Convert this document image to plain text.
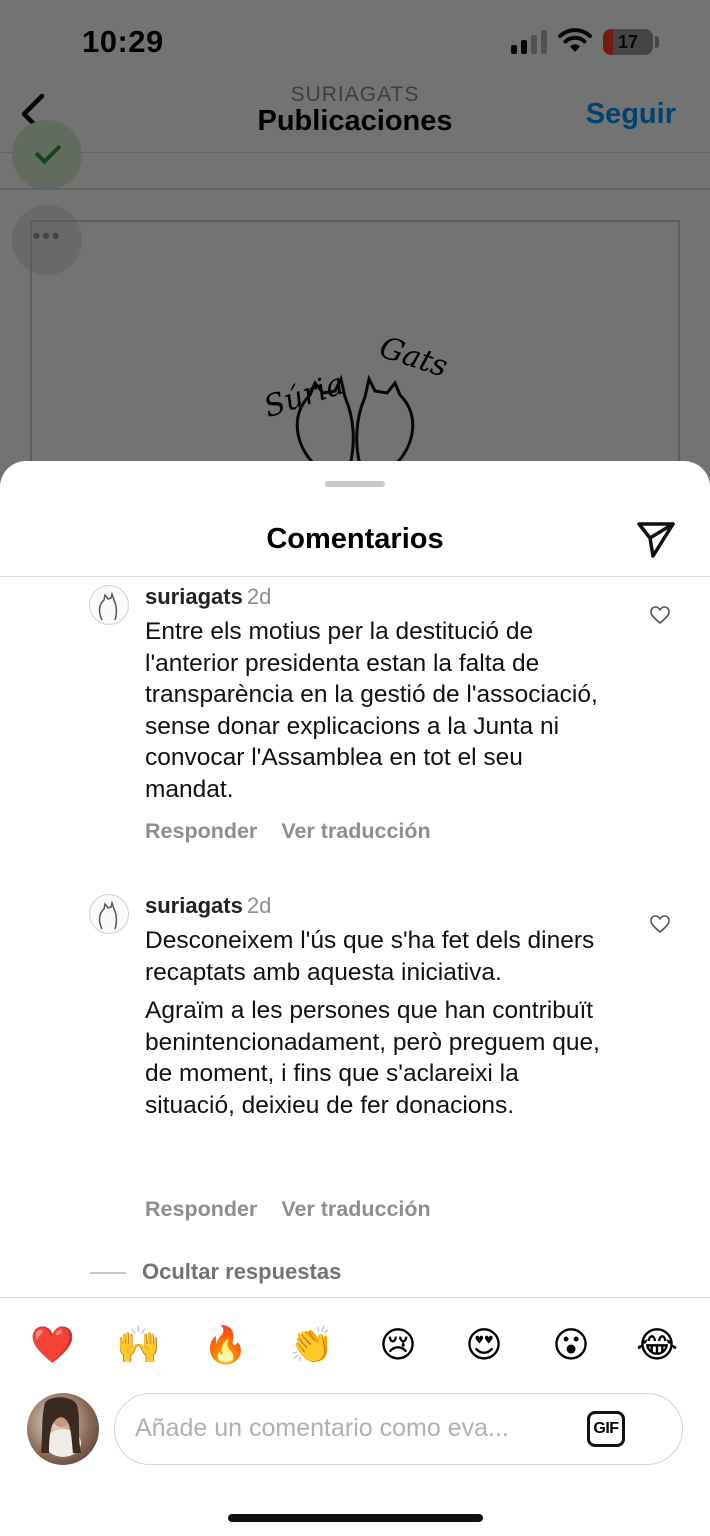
Comentarios
suriagats 2d

Entre els motius per la destitució de l'anterior presidenta estan la falta de transparència en la gestió de l'associació, sense donar explicacions a la Junta ni convocar l'Assamblea en tot el seu mandat.

Responder Ver traducción
suriagats 2d

Desconeixem l'ús que s'ha fet dels diners recaptats amb aquesta iniciativa.

Agraïm a les persones que han contribuït benintencionadament, però preguem que, de moment, i fins que s'aclareixi la situació, deixieu de fer donacions.

Responder Ver traducción
Ocultar respuestas
❤️ 🙌 🔥 👏 😢 😍 😮 😂
Añade un comentario como eva...
GIF
